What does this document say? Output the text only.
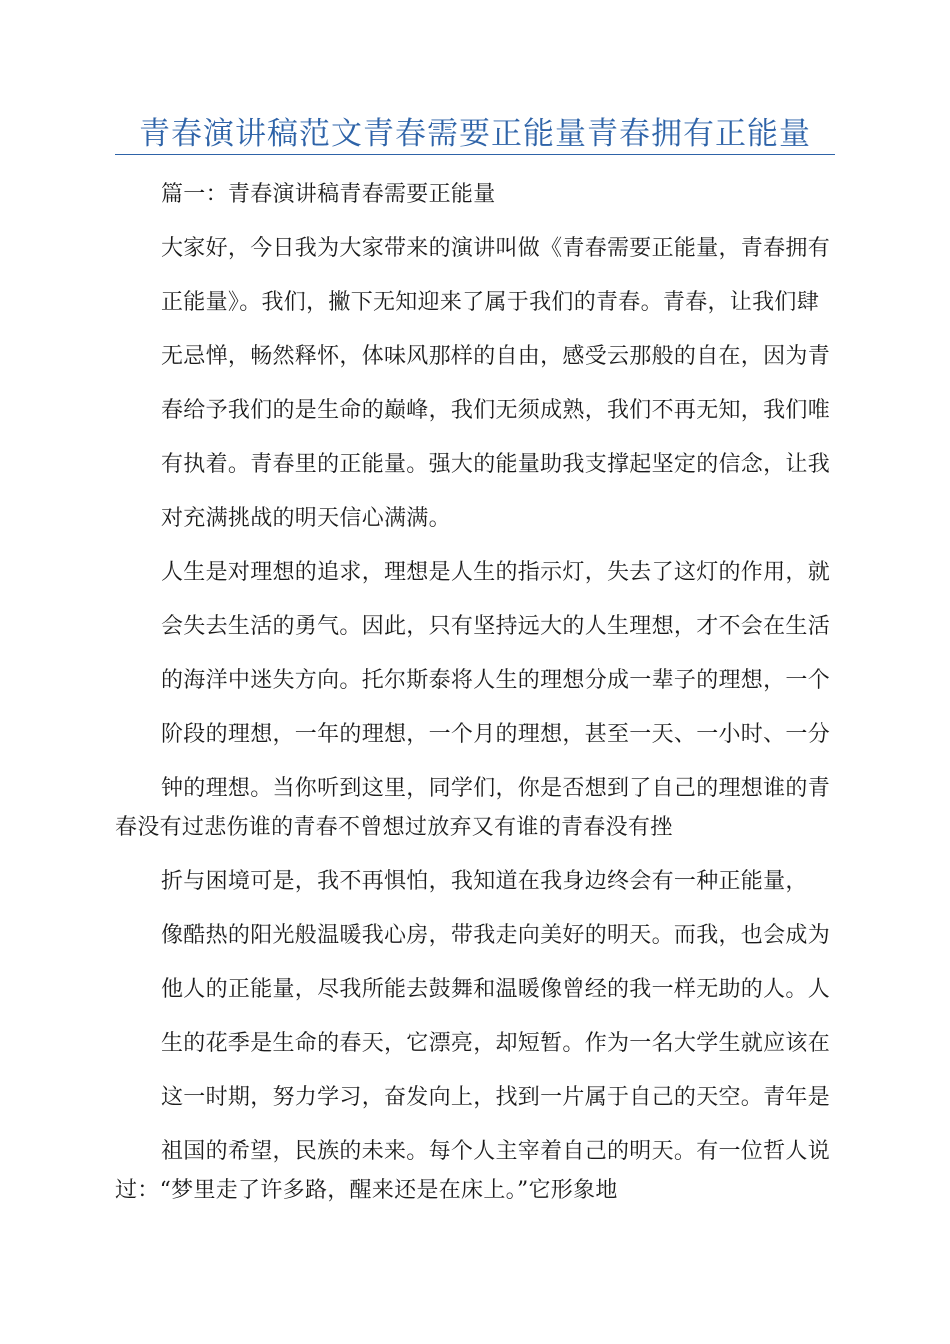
青春演讲稿范文青春需要正能量青春拥有正能量
篇一：青春演讲稿青春需要正能量
大家好，今日我为大家带来的演讲叫做《青春需要正能量，青春拥有
正能量》。我们，撇下无知迎来了属于我们的青春。青春，让我们肆
无忌惮，畅然释怀，体味风那样的自由，感受云那般的自在，因为青
春给予我们的是生命的巅峰，我们无须成熟，我们不再无知，我们唯
有执着。青春里的正能量。强大的能量助我支撑起坚定的信念，让我
对充满挑战的明天信心满满。
人生是对理想的追求，理想是人生的指示灯，失去了这灯的作用，就
会失去生活的勇气。因此，只有坚持远大的人生理想，才不会在生活
的海洋中迷失方向。托尔斯泰将人生的理想分成一辈子的理想，一个
阶段的理想，一年的理想，一个月的理想，甚至一天、一小时、一分
钟的理想。当你听到这里，同学们，你是否想到了自己的理想谁的青
春没有过悲伤谁的青春不曾想过放弃又有谁的青春没有挫
折与困境可是，我不再惧怕，我知道在我身边终会有一种正能量，
像酷热的阳光般温暖我心房，带我走向美好的明天。而我，也会成为
他人的正能量，尽我所能去鼓舞和温暖像曾经的我一样无助的人。人
生的花季是生命的春天，它漂亮，却短暂。作为一名大学生就应该在
这一时期，努力学习，奋发向上，找到一片属于自己的天空。青年是
祖国的希望，民族的未来。每个人主宰着自己的明天。有一位哲人说
过：“梦里走了许多路，醒来还是在床上。”它形象地
